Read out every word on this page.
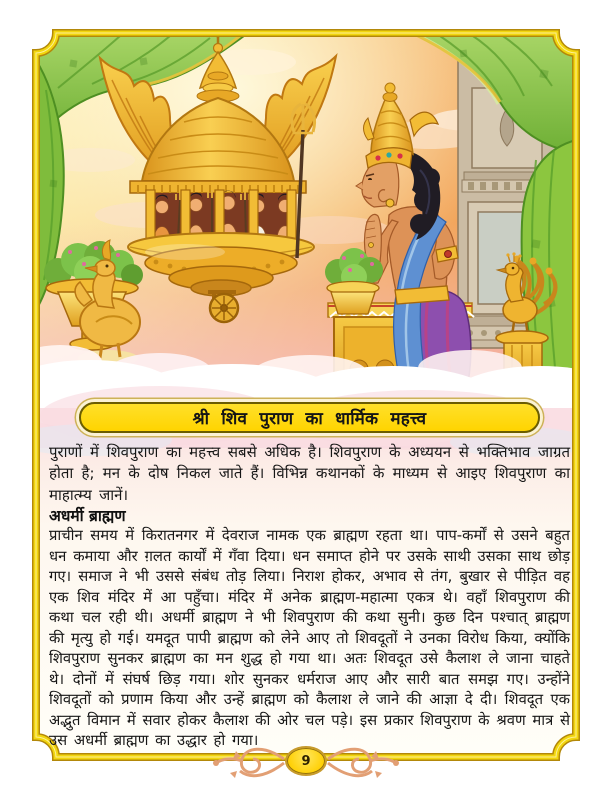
श्री शिव पुराण का धार्मिक महत्त्व

पुराणों में शिवपुराण का महत्त्व सबसे अधिक है। शिवपुराण के अध्ययन से भक्तिभाव जाग्रत होता है; मन के दोष निकल जाते हैं। विभिन्न कथानकों के माध्यम से आइए शिवपुराण का माहात्म्य जानें।

अधर्मी ब्राह्मण

प्राचीन समय में किरातनगर में देवराज नामक एक ब्राह्मण रहता था। पाप-कर्मों से उसने बहुत धन कमाया और ग़लत कार्यों में गँवा दिया। धन समाप्त होने पर उसके साथी उसका साथ छोड़ गए। समाज ने भी उससे संबंध तोड़ लिया। निराश होकर, अभाव से तंग, बुखार से पीड़ित वह एक शिव मंदिर में आ पहुँचा। मंदिर में अनेक ब्राह्मण-महात्मा एकत्र थे। वहाँ शिवपुराण की कथा चल रही थी। अधर्मी ब्राह्मण ने भी शिवपुराण की कथा सुनी। कुछ दिन पश्चात् ब्राह्मण की मृत्यु हो गई। यमदूत पापी ब्राह्मण को लेने आए तो शिवदूतों ने उनका विरोध किया, क्योंकि शिवपुराण सुनकर ब्राह्मण का मन शुद्ध हो गया था। अतः शिवदूत उसे कैलाश ले जाना चाहते थे। दोनों में संघर्ष छिड़ गया। शोर सुनकर धर्मराज आए और सारी बात समझ गए। उन्होंने शिवदूतों को प्रणाम किया और उन्हें ब्राह्मण को कैलाश ले जाने की आज्ञा दे दी। शिवदूत एक अद्भुत विमान में सवार होकर कैलाश की ओर चल पड़े। इस प्रकार शिवपुराण के श्रवण मात्र से उस अधर्मी ब्राह्मण का उद्धार हो गया।

9
